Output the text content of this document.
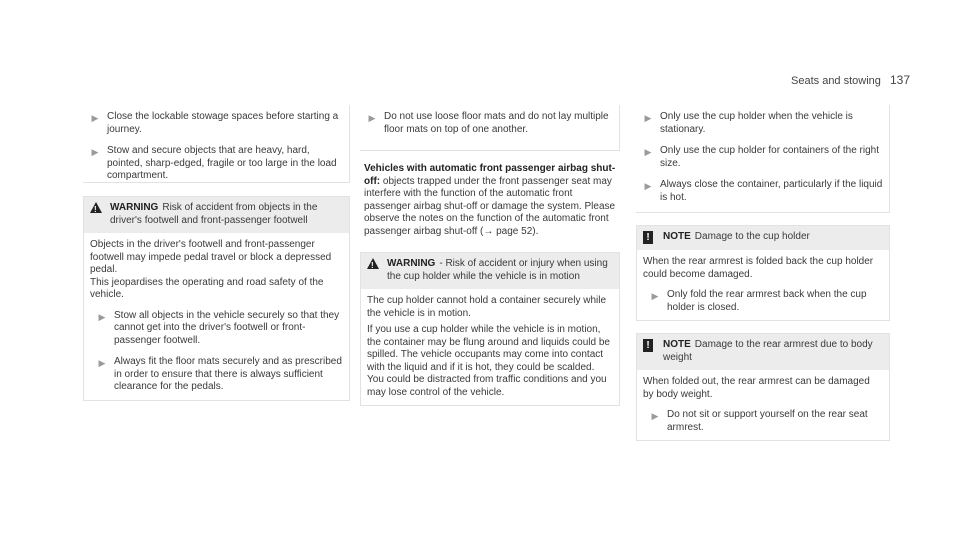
Seats and stowing 137
▶ Close the lockable stowage spaces before starting a journey.
▶ Stow and secure objects that are heavy, hard, pointed, sharp-edged, fragile or too large in the load compartment.
! WARNING Risk of accident from objects in the driver's footwell and front-passenger footwell

Objects in the driver's footwell and front-passenger footwell may impede pedal travel or block a depressed pedal.

This jeopardises the operating and road safety of the vehicle.

▶ Stow all objects in the vehicle securely so that they cannot get into the driver's footwell or front-passenger footwell.
▶ Always fit the floor mats securely and as prescribed in order to ensure that there is always sufficient clearance for the pedals.
▶ Do not use loose floor mats and do not lay multiple floor mats on top of one another.

Vehicles with automatic front passenger airbag shut-off: objects trapped under the front passenger seat may interfere with the function of the automatic front passenger airbag shut-off or damage the system. Please observe the notes on the function of the automatic front passenger airbag shut-off (→ page 52).

! WARNING - Risk of accident or injury when using the cup holder while the vehicle is in motion

The cup holder cannot hold a container securely while the vehicle is in motion.

If you use a cup holder while the vehicle is in motion, the container may be flung around and liquids could be spilled. The vehicle occupants may come into contact with the liquid and if it is hot, they could be scalded. You could be distracted from traffic conditions and you may lose control of the vehicle.

▶ Only use the cup holder when the vehicle is stationary.
▶ Only use the cup holder for containers of the right size.
▶ Always close the container, particularly if the liquid is hot.
!	NOTE Damage to the cup holder

When the rear armrest is folded back the cup holder could become damaged.

▶ Only fold the rear armrest back when the cup holder is closed.
!	NOTE Damage to the rear armrest due to body weight

When folded out, the rear armrest can be damaged by body weight.

▶ Do not sit or support yourself on the rear seat armrest.
